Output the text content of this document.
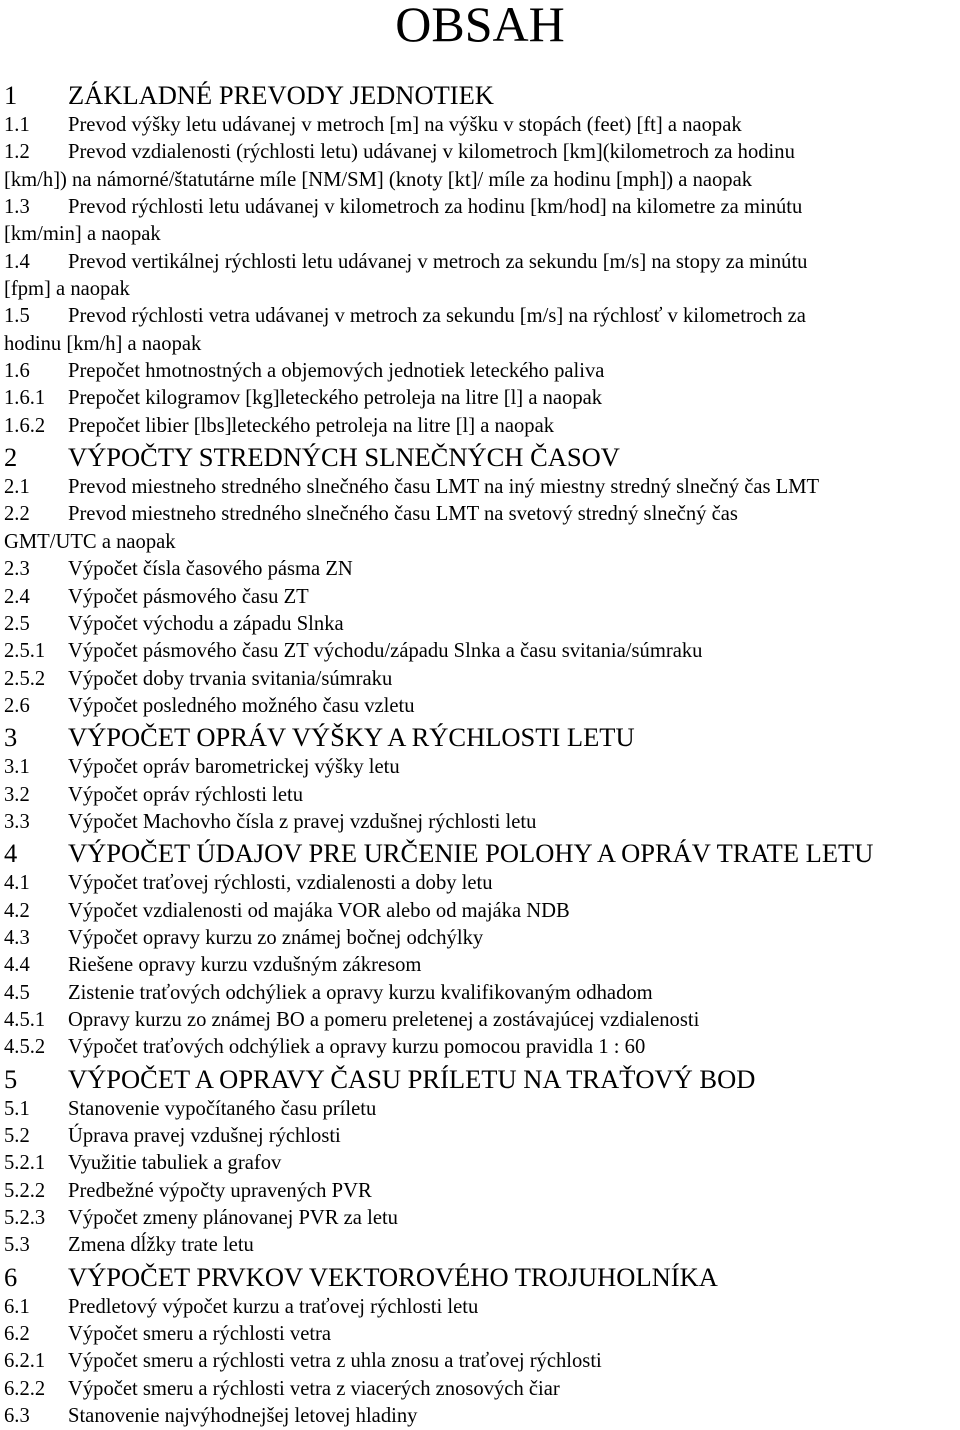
OBSAH
1 ZÁKLADNÉ PREVODY JEDNOTIEK
1.1 Prevod výšky letu udávanej v metroch [m] na výšku v stopách (feet) [ft] a naopak
1.2 Prevod vzdialenosti (rýchlosti letu) udávanej v kilometroch [km](kilometroch za hodinu
[km/h]) na námorné/štatutárne míle [NM/SM] (knoty [kt]/ míle za hodinu [mph]) a naopak
1.3 Prevod rýchlosti letu udávanej v kilometroch za hodinu [km/hod] na kilometre za minútu
[km/min] a naopak
1.4 Prevod vertikálnej rýchlosti letu udávanej v metroch za sekundu [m/s] na stopy za minútu
[fpm] a naopak
1.5 Prevod rýchlosti vetra udávanej v metroch za sekundu [m/s] na rýchlosť v kilometroch za
hodinu [km/h] a naopak
1.6 Prepočet hmotnostných a objemových jednotiek leteckého paliva
1.6.1 Prepočet kilogramov [kg]leteckého petroleja na litre [l] a naopak
1.6.2 Prepočet libier [lbs]leteckého petroleja na litre [l] a naopak
2 VÝPOČTY STREDNÝCH SLNEČNÝCH ČASOV
2.1 Prevod miestneho stredného slnečného času LMT na iný miestny stredný slnečný čas LMT
2.2 Prevod miestneho stredného slnečného času LMT na svetový stredný slnečný čas
GMT/UTC a naopak
2.3 Výpočet čísla časového pásma ZN
2.4 Výpočet pásmového času ZT
2.5 Výpočet východu a západu Slnka
2.5.1 Výpočet pásmového času ZT východu/západu Slnka a času svitania/súmraku
2.5.2 Výpočet doby trvania svitania/súmraku
2.6 Výpočet posledného možného času vzletu
3 VÝPOČET OPRÁV VÝŠKY A RÝCHLOSTI LETU
3.1 Výpočet opráv barometrickej výšky letu
3.2 Výpočet opráv rýchlosti letu
3.3 Výpočet Machovho čísla z pravej vzdušnej rýchlosti letu
4 VÝPOČET ÚDAJOV PRE URČENIE POLOHY A OPRÁV TRATE LETU
4.1 Výpočet traťovej rýchlosti, vzdialenosti a doby letu
4.2 Výpočet vzdialenosti od majáka VOR alebo od majáka NDB
4.3 Výpočet opravy kurzu zo známej bočnej odchýlky
4.4 Riešene opravy kurzu vzdušným zákresom
4.5 Zistenie traťových odchýliek a opravy kurzu kvalifikovaným odhadom
4.5.1 Opravy kurzu zo známej BO a pomeru preletenej a zostávajúcej vzdialenosti
4.5.2 Výpočet traťových odchýliek a opravy kurzu pomocou pravidla 1 : 60
5 VÝPOČET A OPRAVY ČASU PRÍLETU NA TRAŤOVÝ BOD
5.1 Stanovenie vypočítaného času príletu
5.2 Úprava pravej vzdušnej rýchlosti
5.2.1 Využitie tabuliek a grafov
5.2.2 Predbežné výpočty upravených PVR
5.2.3 Výpočet zmeny plánovanej PVR za letu
5.3 Zmena dĺžky trate letu
6 VÝPOČET PRVKOV VEKTOROVÉHO TROJUHOLNÍKA
6.1 Predletový výpočet kurzu a traťovej rýchlosti letu
6.2 Výpočet smeru a rýchlosti vetra
6.2.1 Výpočet smeru a rýchlosti vetra z uhla znosu a traťovej rýchlosti
6.2.2 Výpočet smeru a rýchlosti vetra z viacerých znosových čiar
6.3 Stanovenie najvýhodnejšej letovej hladiny
